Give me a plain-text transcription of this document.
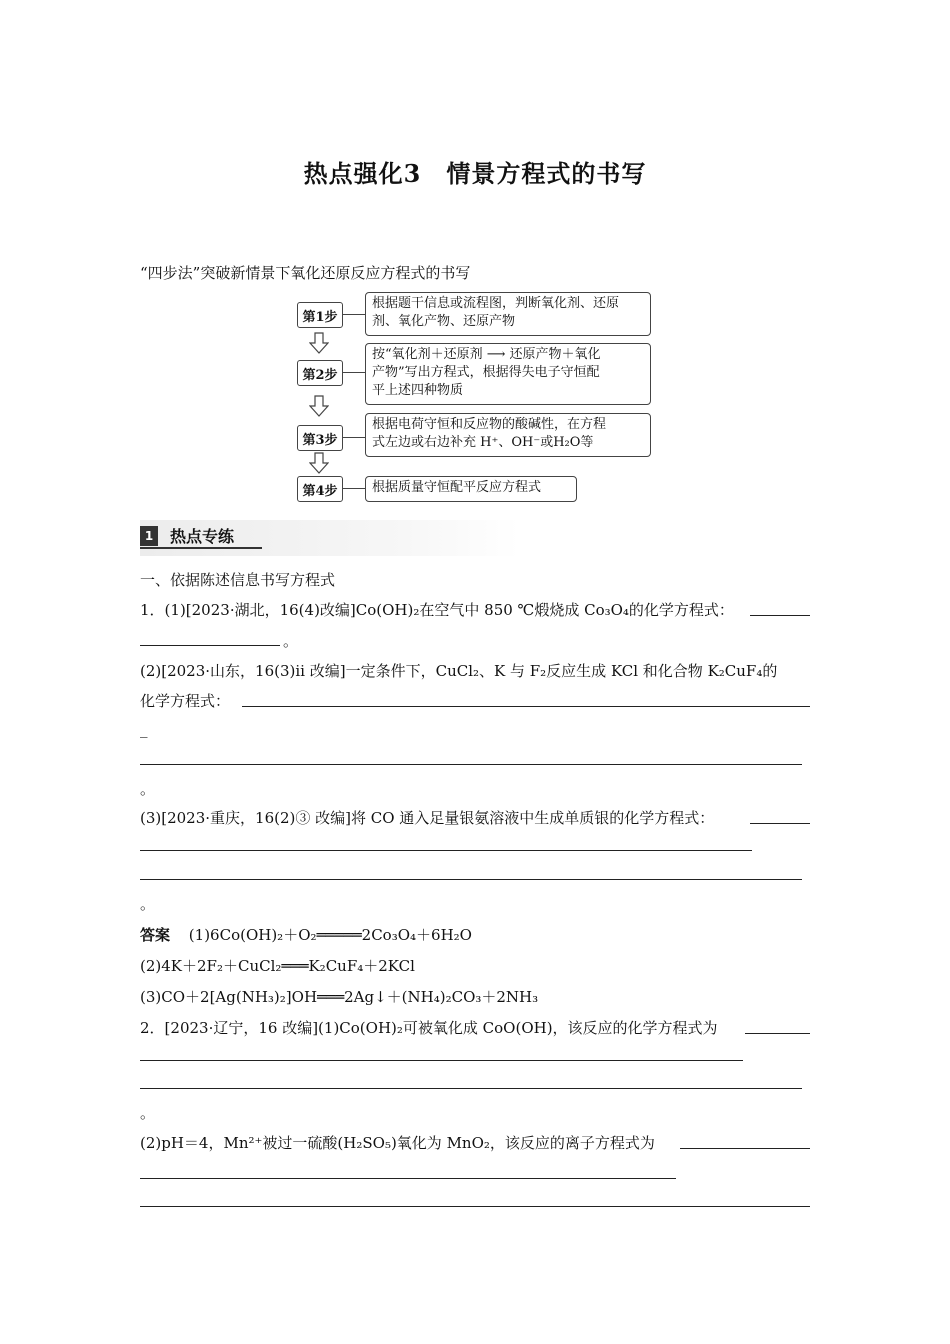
热点强化3　情景方程式的书写
“四步法”突破新情景下氧化还原反应方程式的书写
第1步
根据题干信息或流程图，判断氧化剂、还原
剂、氧化产物、还原产物
第2步
按“氧化剂＋还原剂 ⟶ 还原产物＋氧化
产物”写出方程式，根据得失电子守恒配
平上述四种物质
第3步
根据电荷守恒和反应物的酸碱性，在方程
式左边或右边补充 H⁺、OH⁻或H₂O等
第4步	根据质量守恒配平反应方程式
1	热点专练
一、依据陈述信息书写方程式
1．(1)[2023·湖北，16(4)改编]Co(OH)₂在空气中 850 ℃煅烧成 Co₃O₄的化学方程式：
。
(2)[2023·山东，16(3)ⅱ 改编]一定条件下，CuCl₂、K 与 F₂反应生成 KCl 和化合物 K₂CuF₄的
化学方程式：
_
。
(3)[2023·重庆，16(2)③ 改编]将 CO 通入足量银氨溶液中生成单质银的化学方程式：
。
答案 (1)6Co(OH)₂＋O₂═════2Co₃O₄＋6H₂O
(2)4K＋2F₂＋CuCl₂═══K₂CuF₄＋2KCl
(3)CO＋2[Ag(NH₃)₂]OH═══2Ag↓＋(NH₄)₂CO₃＋2NH₃
2．[2023·辽宁，16 改编](1)Co(OH)₂可被氧化成 CoO(OH)，该反应的化学方程式为
。
(2)pH＝4，Mn²⁺被过一硫酸(H₂SO₅)氧化为 MnO₂，该反应的离子方程式为
